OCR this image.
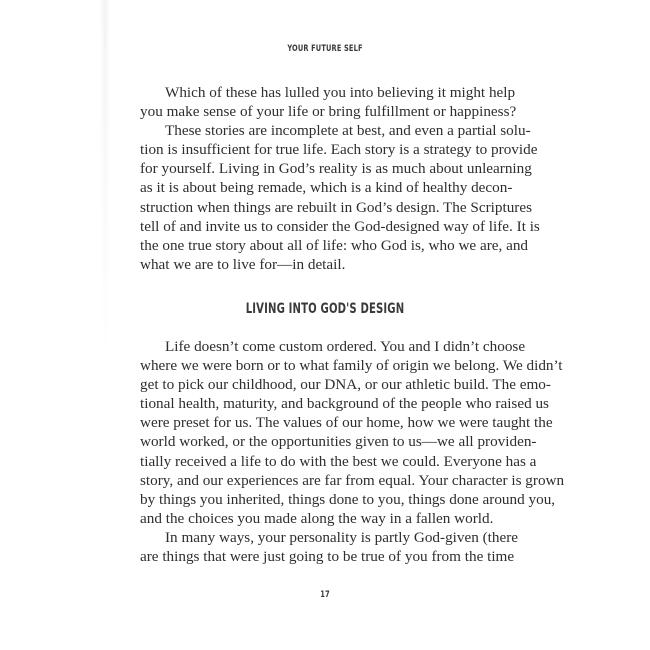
YOUR FUTURE SELF
Which of these has lulled you into believing it might help
you make sense of your life or bring fulfillment or happiness?
These stories are incomplete at best, and even a partial solu-
tion is insufficient for true life. Each story is a strategy to provide
for yourself. Living in God’s reality is as much about unlearning
as it is about being remade, which is a kind of healthy decon-
struction when things are rebuilt in God’s design. The Scriptures
tell of and invite us to consider the God-designed way of life. It is
the one true story about all of life: who God is, who we are, and
what we are to live for—in detail.
LIVING INTO GOD'S DESIGN
Life doesn’t come custom ordered. You and I didn’t choose
where we were born or to what family of origin we belong. We didn’t
get to pick our childhood, our DNA, or our athletic build. The emo-
tional health, maturity, and background of the people who raised us
were preset for us. The values of our home, how we were taught the
world worked, or the opportunities given to us—we all providen-
tially received a life to do with the best we could. Everyone has a
story, and our experiences are far from equal. Your character is grown
by things you inherited, things done to you, things done around you,
and the choices you made along the way in a fallen world.
In many ways, your personality is partly God-given (there
are things that were just going to be true of you from the time
17
